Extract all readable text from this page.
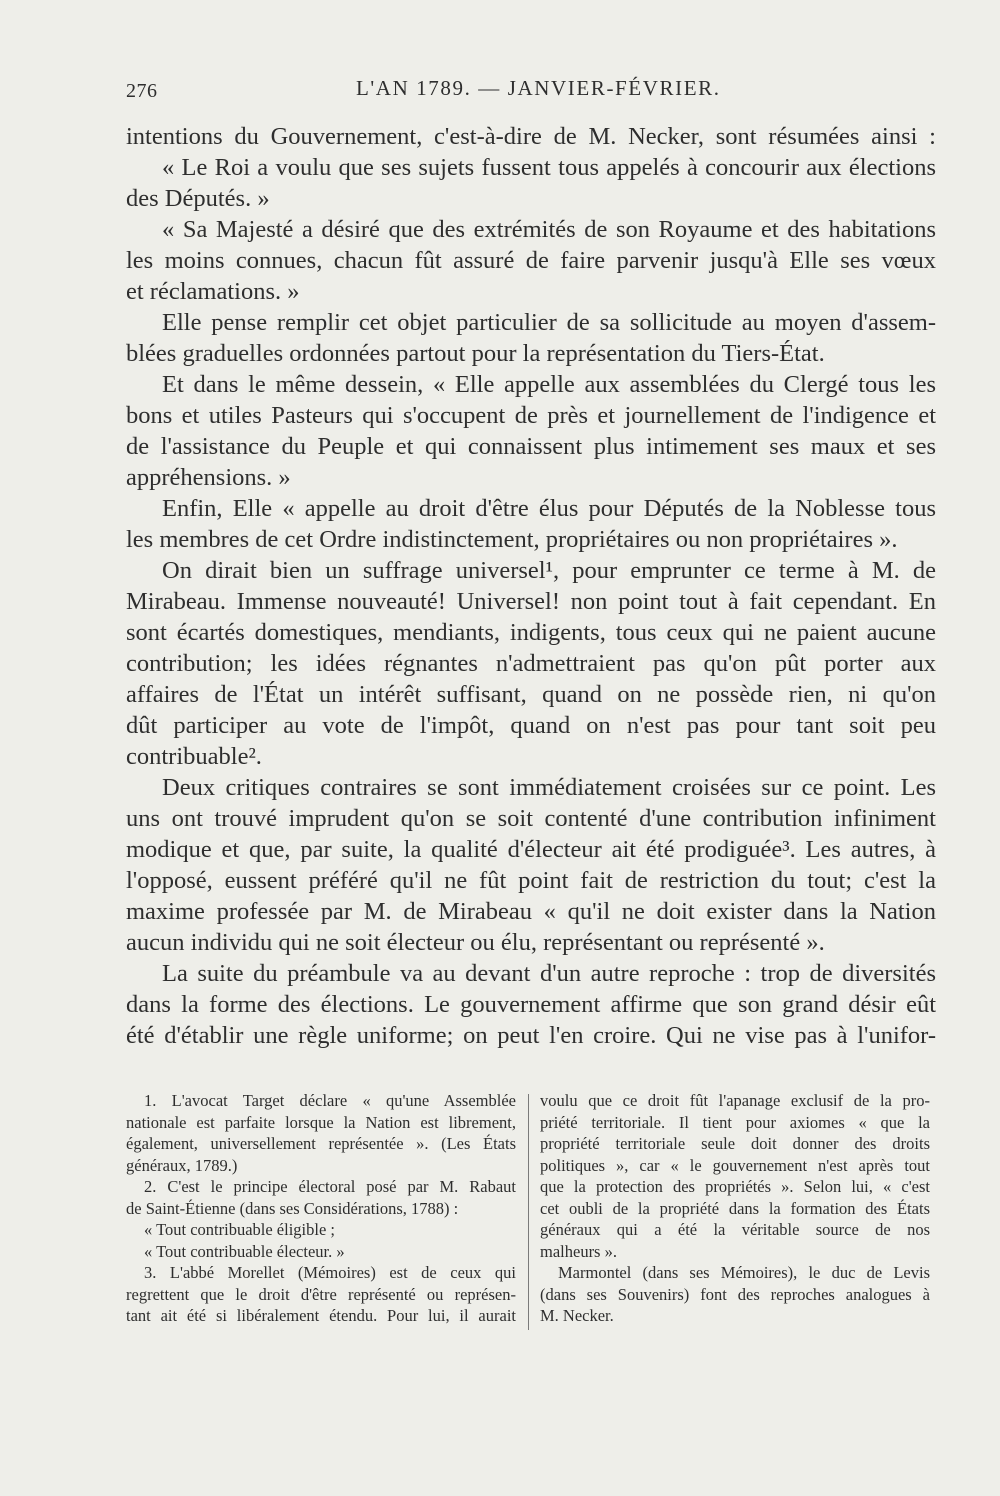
276	L'AN 1789. — JANVIER-FÉVRIER.
intentions du Gouvernement, c'est-à-dire de M. Necker, sont résumées ainsi :
« Le Roi a voulu que ses sujets fussent tous appelés à concourir aux élections
des Députés. »
« Sa Majesté a désiré que des extrémités de son Royaume et des habitations
les moins connues, chacun fût assuré de faire parvenir jusqu'à Elle ses vœux
et réclamations. »
Elle pense remplir cet objet particulier de sa sollicitude au moyen d'assem-
blées graduelles ordonnées partout pour la représentation du Tiers-État.
Et dans le même dessein, « Elle appelle aux assemblées du Clergé tous les
bons et utiles Pasteurs qui s'occupent de près et journellement de l'indigence et
de l'assistance du Peuple et qui connaissent plus intimement ses maux et ses
appréhensions. »
Enfin, Elle « appelle au droit d'être élus pour Députés de la Noblesse tous
les membres de cet Ordre indistinctement, propriétaires ou non propriétaires ».
On dirait bien un suffrage universel¹, pour emprunter ce terme à M. de
Mirabeau. Immense nouveauté! Universel! non point tout à fait cependant. En
sont écartés domestiques, mendiants, indigents, tous ceux qui ne paient aucune
contribution; les idées régnantes n'admettraient pas qu'on pût porter aux
affaires de l'État un intérêt suffisant, quand on ne possède rien, ni qu'on
dût participer au vote de l'impôt, quand on n'est pas pour tant soit peu
contribuable².
Deux critiques contraires se sont immédiatement croisées sur ce point. Les
uns ont trouvé imprudent qu'on se soit contenté d'une contribution infiniment
modique et que, par suite, la qualité d'électeur ait été prodiguée³. Les autres, à
l'opposé, eussent préféré qu'il ne fût point fait de restriction du tout; c'est la
maxime professée par M. de Mirabeau « qu'il ne doit exister dans la Nation
aucun individu qui ne soit électeur ou élu, représentant ou représenté ».
La suite du préambule va au devant d'un autre reproche : trop de diversités
dans la forme des élections. Le gouvernement affirme que son grand désir eût
été d'établir une règle uniforme; on peut l'en croire. Qui ne vise pas à l'unifor-
1. L'avocat Target déclare « qu'une Assemblée
nationale est parfaite lorsque la Nation est librement,
également, universellement représentée ». (Les États
généraux, 1789.)
2. C'est le principe électoral posé par M. Rabaut
de Saint-Étienne (dans ses Considérations, 1788) :
« Tout contribuable éligible ;
« Tout contribuable électeur. »
3. L'abbé Morellet (Mémoires) est de ceux qui
regrettent que le droit d'être représenté ou représen-
tant ait été si libéralement étendu. Pour lui, il aurait
voulu que ce droit fût l'apanage exclusif de la pro-
priété territoriale. Il tient pour axiomes « que la
propriété territoriale seule doit donner des droits
politiques », car « le gouvernement n'est après tout
que la protection des propriétés ». Selon lui, « c'est
cet oubli de la propriété dans la formation des États
généraux qui a été la véritable source de nos
malheurs ».
Marmontel (dans ses Mémoires), le duc de Levis
(dans ses Souvenirs) font des reproches analogues à
M. Necker.
